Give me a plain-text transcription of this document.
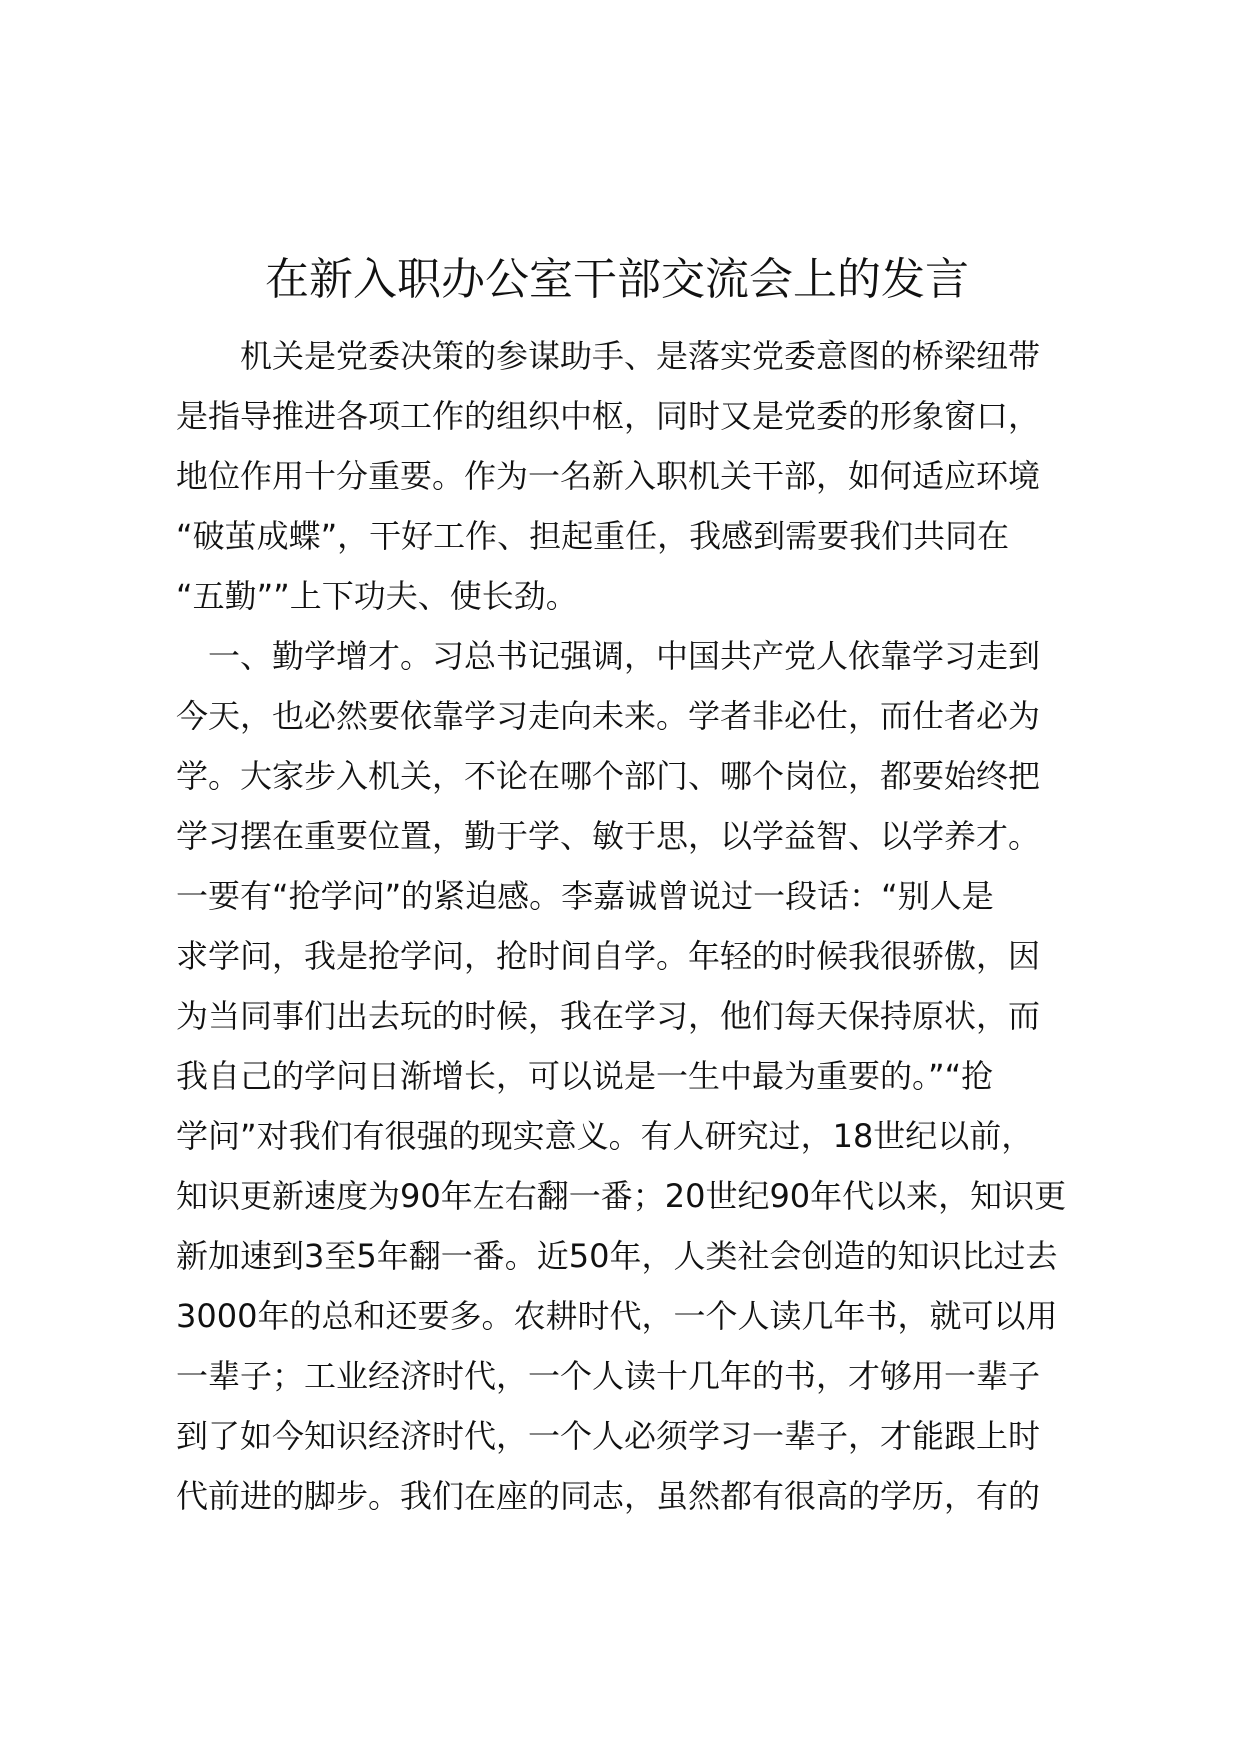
在新入职办公室干部交流会上的发言
　　机关是党委决策的参谋助手、是落实党委意图的桥梁纽带
是指导推进各项工作的组织中枢，同时又是党委的形象窗口，
地位作用十分重要。作为一名新入职机关干部，如何适应环境
“破茧成蝶”，干好工作、担起重任，我感到需要我们共同在
“五勤””上下功夫、使长劲。
　一、勤学增才。习总书记强调，中国共产党人依靠学习走到
今天，也必然要依靠学习走向未来。学者非必仕，而仕者必为
学。大家步入机关，不论在哪个部门、哪个岗位，都要始终把
学习摆在重要位置，勤于学、敏于思，以学益智、以学养才。
一要有“抢学问”的紧迫感。李嘉诚曾说过一段话：“别人是
求学问，我是抢学问，抢时间自学。年轻的时候我很骄傲，因
为当同事们出去玩的时候，我在学习，他们每天保持原状，而
我自己的学问日渐增长，可以说是一生中最为重要的。”“抢
学问”对我们有很强的现实意义。有人研究过，18世纪以前，
知识更新速度为90年左右翻一番；20世纪90年代以来，知识更
新加速到3至5年翻一番。近50年，人类社会创造的知识比过去
3000年的总和还要多。农耕时代，一个人读几年书，就可以用
一辈子；工业经济时代，一个人读十几年的书，才够用一辈子
到了如今知识经济时代，一个人必须学习一辈子，才能跟上时
代前进的脚步。我们在座的同志，虽然都有很高的学历，有的
